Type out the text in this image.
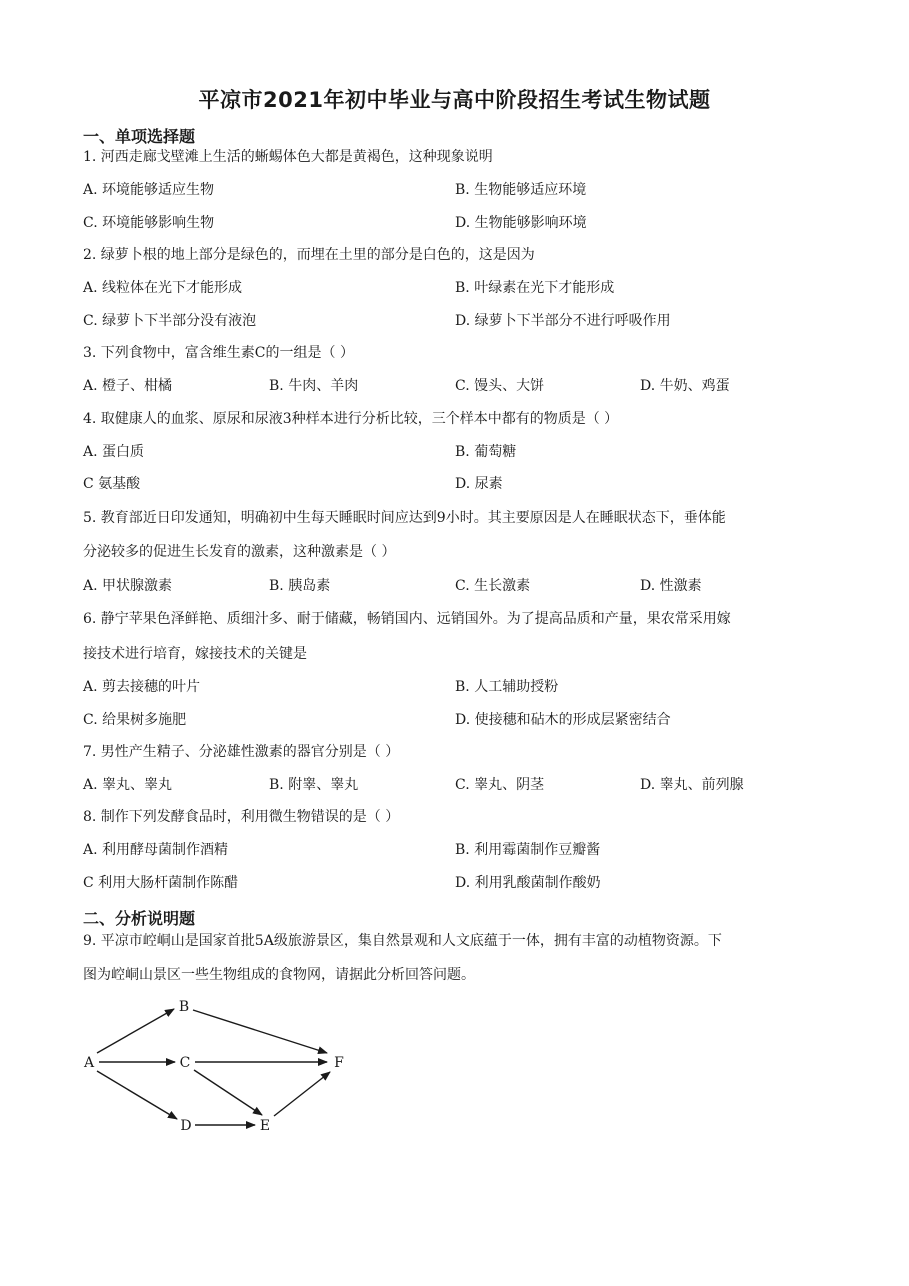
平凉市2021年初中毕业与高中阶段招生考试生物试题
一、单项选择题
1. 河西走廊戈壁滩上生活的蜥蜴体色大都是黄褐色，这种现象说明
A. 环境能够适应生物	B. 生物能够适应环境
C. 环境能够影响生物	D. 生物能够影响环境
2. 绿萝卜根的地上部分是绿色的，而埋在土里的部分是白色的，这是因为
A. 线粒体在光下才能形成	B. 叶绿素在光下才能形成
C. 绿萝卜下半部分没有液泡	D. 绿萝卜下半部分不进行呼吸作用
3. 下列食物中，富含维生素C的一组是（ ）
A. 橙子、柑橘	B. 牛肉、羊肉	C. 馒头、大饼	D. 牛奶、鸡蛋
4. 取健康人的血浆、原尿和尿液3种样本进行分析比较，三个样本中都有的物质是（ ）
A. 蛋白质	B. 葡萄糖
C 氨基酸	D. 尿素
5. 教育部近日印发通知，明确初中生每天睡眠时间应达到9小时。其主要原因是人在睡眠状态下，垂体能
分泌较多的促进生长发育的激素，这种激素是（ ）
A. 甲状腺激素	B. 胰岛素	C. 生长激素	D. 性激素
6. 静宁苹果色泽鲜艳、质细汁多、耐于储藏，畅销国内、远销国外。为了提高品质和产量，果农常采用嫁
接技术进行培育，嫁接技术的关键是
A. 剪去接穗的叶片	B. 人工辅助授粉
C. 给果树多施肥	D. 使接穗和砧木的形成层紧密结合
7. 男性产生精子、分泌雄性激素的器官分别是（ ）
A. 睾丸、睾丸	B. 附睾、睾丸	C. 睾丸、阴茎	D. 睾丸、前列腺
8. 制作下列发酵食品时，利用微生物错误的是（ ）
A. 利用酵母菌制作酒精	B. 利用霉菌制作豆瓣酱
C 利用大肠杆菌制作陈醋	D. 利用乳酸菌制作酸奶
二、分析说明题
9. 平凉市崆峒山是国家首批5A级旅游景区，集自然景观和人文底蕴于一体，拥有丰富的动植物资源。下
图为崆峒山景区一些生物组成的食物网，请据此分析回答问题。
A
B
C
D	E
F
